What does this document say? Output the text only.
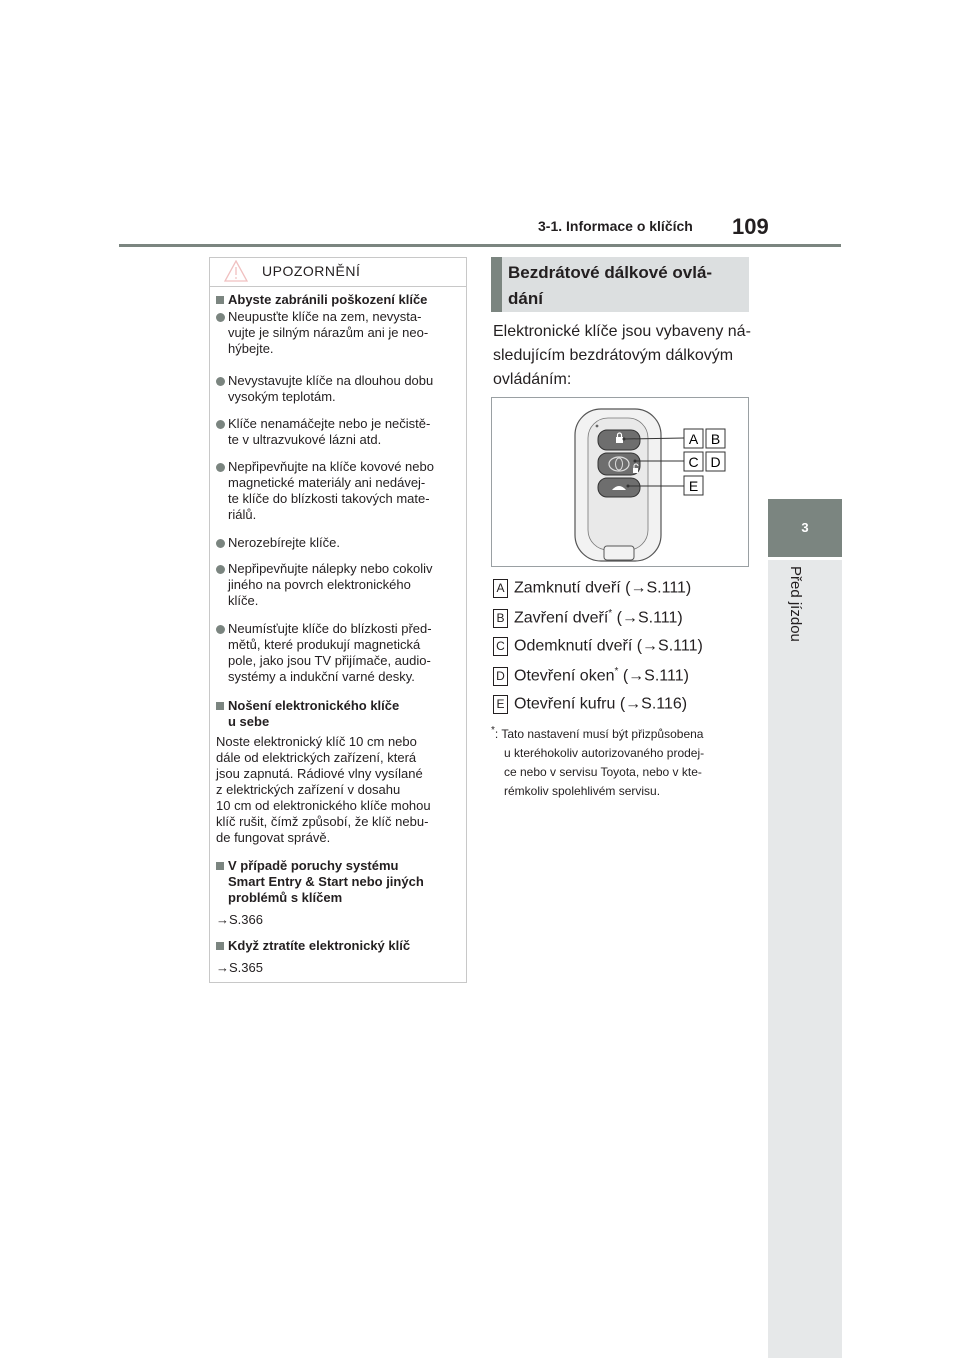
3-1. Informace o klíčích 109
3
Před jízdou
UPOZORNĚNÍ
Abyste zabránili poškození klíče
Neupusťte klíče na zem, nevysta-
vujte je silným nárazům ani je neo-
hýbejte.
Nevystavujte klíče na dlouhou dobu
vysokým teplotám.
Klíče nenamáčejte nebo je nečistě-
te v ultrazvukové lázni atd.
Nepřipevňujte na klíče kovové nebo
magnetické materiály ani nedávej-
te klíče do blízkosti takových mate-
riálů.
Nerozebírejte klíče.
Nepřipevňujte nálepky nebo cokoliv
jiného na povrch elektronického
klíče.
Neumísťujte klíče do blízkosti před-
mětů, které produkují magnetická
pole, jako jsou TV přijímače, audio-
systémy a indukční varné desky.
Nošení elektronického klíče
u sebe
Noste elektronický klíč 10 cm nebo
dále od elektrických zařízení, která
jsou zapnutá. Rádiové vlny vysílané
z elektrických zařízení v dosahu
10 cm od elektronického klíče mohou
klíč rušit, čímž způsobí, že klíč nebu-
de fungovat správě.
V případě poruchy systému
Smart Entry & Start nebo jiných
problémů s klíčem
→S.366
Když ztratíte elektronický klíč
→S.365
Bezdrátové dálkové ovlá-
dání
Elektronické klíče jsou vybaveny ná-
sledujícím bezdrátovým dálkovým
ovládáním:
A B
C D
E
A Zamknutí dveří (→S.111)
B Zavření dveří* (→S.111)
C Odemknutí dveří (→S.111)
D Otevření oken* (→S.111)
E Otevření kufru (→S.116)
*: Tato nastavení musí být přizpůsobena
u kteréhokoliv autorizovaného prodej-
ce nebo v servisu Toyota, nebo v kte-
rémkoliv spolehlivém servisu.
